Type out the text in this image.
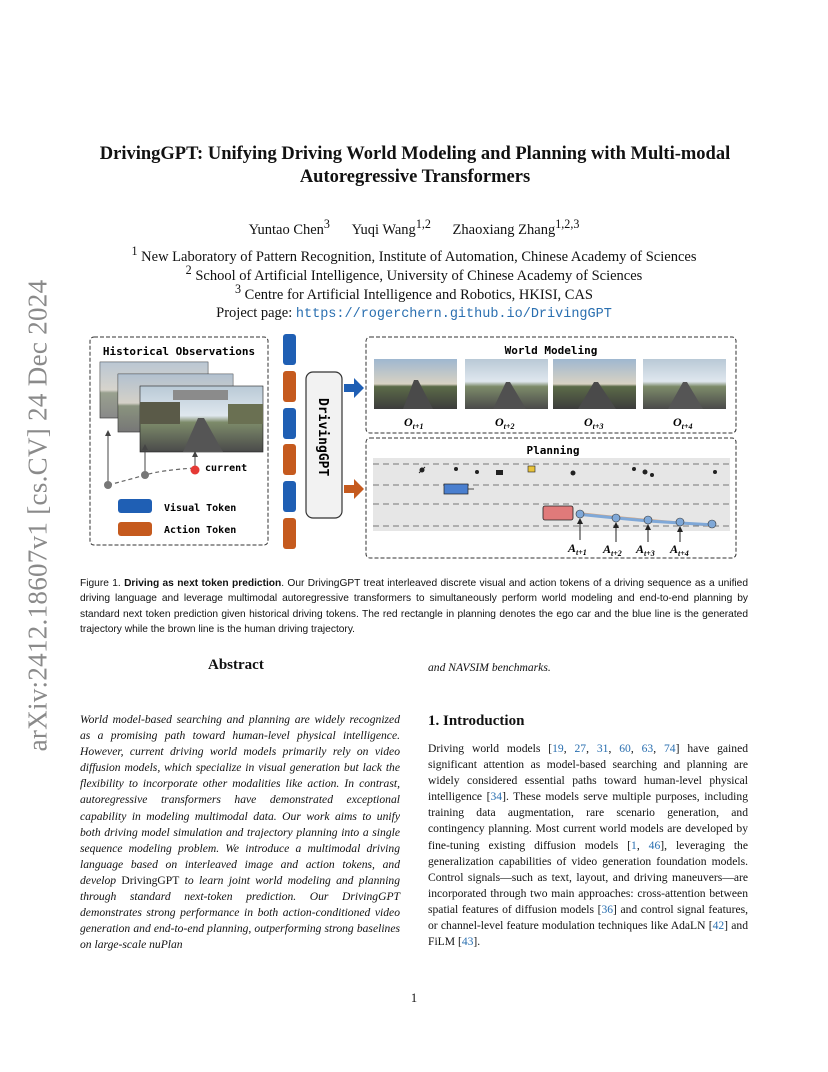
arXiv:2412.18607v1 [cs.CV] 24 Dec 2024
DrivingGPT: Unifying Driving World Modeling and Planning with Multi-modal
Autoregressive Transformers
Yuntao Chen$^3$ Yuqi Wang$^{1,2}$ Zhaoxiang Zhang$^{1,2,3}$
$^1$ New Laboratory of Pattern Recognition, Institute of Automation, Chinese Academy of Sciences
$^2$ School of Artificial Intelligence, University of Chinese Academy of Sciences
$^3$ Centre for Artificial Intelligence and Robotics, HKISI, CAS
Project page: https://rogerchern.github.io/DrivingGPT
Historical Observations
current
Visual Token
Action Token
DrivingGPT
World Modeling
$O_{t+1}$	$O_{t+2}$	$O_{t+3}$	$O_{t+4}$
Planning
$A_{t+1}$ $A_{t+2}$ $A_{t+3}$ $A_{t+4}$
Figure 1. Driving as next token prediction. Our DrivingGPT treat interleaved discrete visual and action tokens of a driving sequence as a unified driving language and leverage multimodal autoregressive transformers to simultaneously perform world modeling and end-to-end planning by standard next token prediction given historical driving tokens. The red rectangle in planning denotes the ego car and the blue line is the generated trajectory while the brown line is the human driving trajectory.
Abstract
World model-based searching and planning are widely recognized as a promising path toward human-level physical intelligence. However, current driving world models primarily rely on video diffusion models, which specialize in visual generation but lack the flexibility to incorporate other modalities like action. In contrast, autoregressive transformers have demonstrated exceptional capability in modeling multimodal data. Our work aims to unify both driving model simulation and trajectory planning into a single sequence modeling problem. We introduce a multimodal driving language based on interleaved image and action tokens, and develop DrivingGPT to learn joint world modeling and planning through standard next-token prediction. Our DrivingGPT demonstrates strong performance in both action-conditioned video generation and end-to-end planning, outperforming strong baselines on large-scale nuPlan
and NAVSIM benchmarks.
1. Introduction
Driving world models [19, 27, 31, 60, 63, 74] have gained significant attention as model-based searching and planning are widely considered essential paths toward human-level physical intelligence [34]. These models serve multiple purposes, including training data augmentation, rare scenario generation, and contingency planning. Most current world models are developed by fine-tuning existing diffusion models [1, 46], leveraging the generalization capabilities of video generation foundation models. Control signals—such as text, layout, and driving maneuvers—are incorporated through two main approaches: cross-attention between spatial features of diffusion models [36] and control signal features, or channel-level feature modulation techniques like AdaLN [42] and FiLM [43].
1
